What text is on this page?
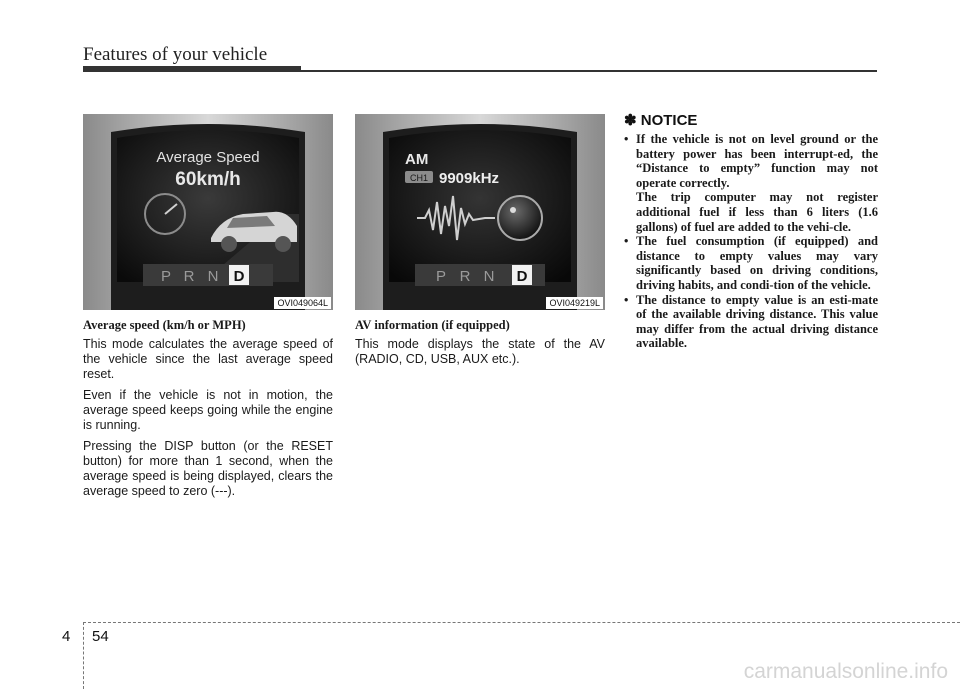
Features of your vehicle
Average Speed
60km/h
P R N D
OVI049064L
AM
CH1 9909kHz
P R N D
OVI049219L

Average speed (km/h or MPH)

This mode calculates the average speed of the vehicle since the last average speed reset.

Even if the vehicle is not in motion, the average speed keeps going while the engine is running.

Pressing the DISP button (or the RESET button) for more than 1 second, when the average speed is being displayed, clears the average speed to zero (---).

AV information (if equipped)

This mode displays the state of the AV (RADIO, CD, USB, AUX etc.).

✽ NOTICE
• If the vehicle is not on level ground or the battery power has been interrupt-ed, the “Distance to empty” function may not operate correctly.

The trip computer may not register additional fuel if less than 6 liters (1.6 gallons) of fuel are added to the vehi-cle.

• The fuel consumption (if equipped) and distance to empty values may vary significantly based on driving conditions, driving habits, and condi-tion of the vehicle.

• The distance to empty value is an esti-mate of the available driving distance. This value may differ from the actual driving distance available.

4 54
carmanualsonline.info
